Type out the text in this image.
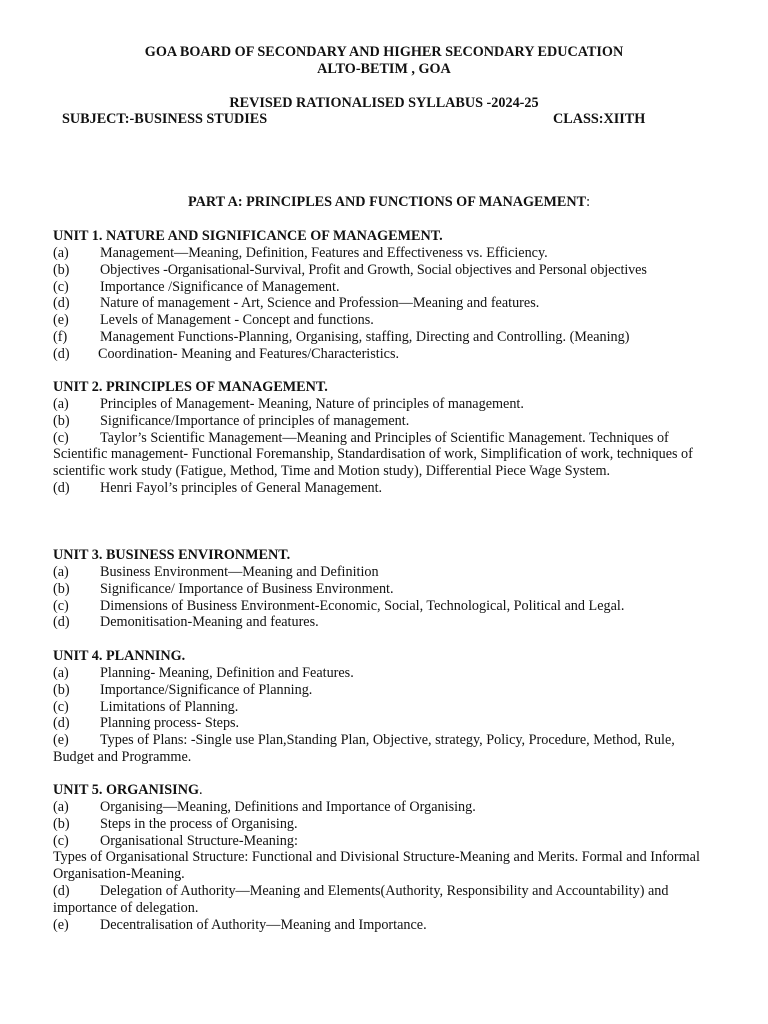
GOA BOARD OF SECONDARY AND HIGHER SECONDARY EDUCATION
ALTO-BETIM , GOA
REVISED RATIONALISED SYLLABUS -2024-25
SUBJECT:-BUSINESS STUDIES	CLASS:XIITH
PART A: PRINCIPLES AND FUNCTIONS OF MANAGEMENT:
UNIT 1. NATURE AND SIGNIFICANCE OF MANAGEMENT.
(a) Management—Meaning, Definition, Features and Effectiveness vs. Efficiency.
(b) Objectives -Organisational-Survival, Profit and Growth, Social objectives and Personal objectives
(c) Importance /Significance of Management.
(d) Nature of management - Art, Science and Profession—Meaning and features.
(e) Levels of Management - Concept and functions.
(f) Management Functions-Planning, Organising, staffing, Directing and Controlling. (Meaning)
(d) Coordination- Meaning and Features/Characteristics.
UNIT 2. PRINCIPLES OF MANAGEMENT.
(a) Principles of Management- Meaning, Nature of principles of management.
(b) Significance/Importance of principles of management.
(c) Taylor’s Scientific Management—Meaning and Principles of Scientific Management. Techniques of Scientific management- Functional Foremanship, Standardisation of work, Simplification of work, techniques of scientific work study (Fatigue, Method, Time and Motion study), Differential Piece Wage System.
(d) Henri Fayol’s principles of General Management.
UNIT 3. BUSINESS ENVIRONMENT.
(a) Business Environment—Meaning and Definition
(b) Significance/ Importance of Business Environment.
(c) Dimensions of Business Environment-Economic, Social, Technological, Political and Legal.
(d) Demonitisation-Meaning and features.
UNIT 4. PLANNING.
(a) Planning- Meaning, Definition and Features.
(b) Importance/Significance of Planning.
(c) Limitations of Planning.
(d) Planning process- Steps.
(e) Types of Plans: -Single use Plan,Standing Plan, Objective, strategy, Policy, Procedure, Method, Rule, Budget and Programme.
UNIT 5. ORGANISING.
(a) Organising—Meaning, Definitions and Importance of Organising.
(b) Steps in the process of Organising.
(c) Organisational Structure-Meaning:
Types of Organisational Structure: Functional and Divisional Structure-Meaning and Merits. Formal and Informal Organisation-Meaning.
(d) Delegation of Authority—Meaning and Elements(Authority, Responsibility and Accountability) and importance of delegation.
(e) Decentralisation of Authority—Meaning and Importance.
